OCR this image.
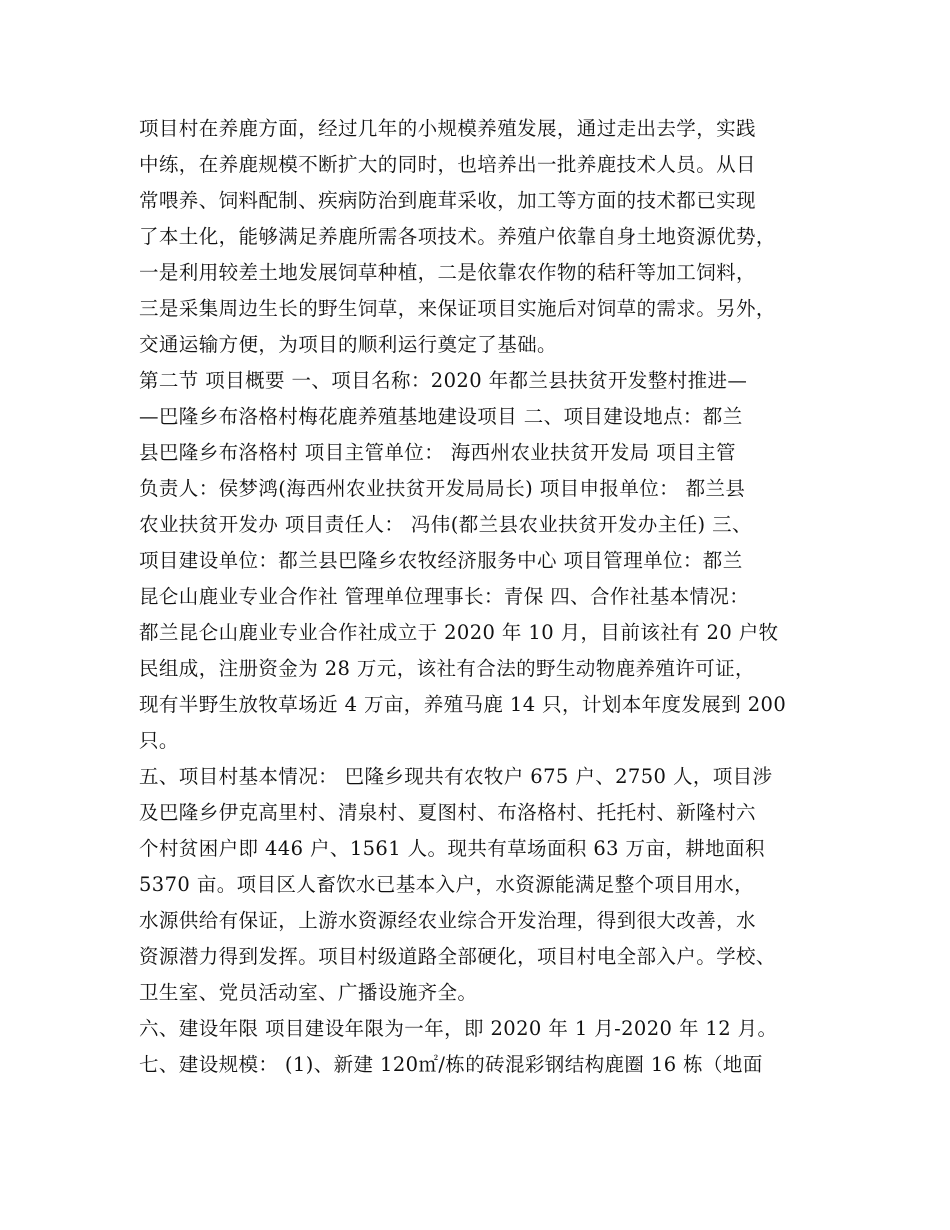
项目村在养鹿方面，经过几年的小规模养殖发展，通过走出去学，实践
中练，在养鹿规模不断扩大的同时，也培养出一批养鹿技术人员。从日
常喂养、饲料配制、疾病防治到鹿茸采收，加工等方面的技术都已实现
了本土化，能够满足养鹿所需各项技术。养殖户依靠自身土地资源优势，
一是利用较差土地发展饲草种植，二是依靠农作物的秸秆等加工饲料，
三是采集周边生长的野生饲草，来保证项目实施后对饲草的需求。另外，
交通运输方便，为项目的顺利运行奠定了基础。
第二节 项目概要 一、项目名称：2020 年都兰县扶贫开发整村推进—
—巴隆乡布洛格村梅花鹿养殖基地建设项目 二、项目建设地点：都兰
县巴隆乡布洛格村 项目主管单位： 海西州农业扶贫开发局 项目主管
负责人：侯梦鸿(海西州农业扶贫开发局局长) 项目申报单位： 都兰县
农业扶贫开发办 项目责任人： 冯伟(都兰县农业扶贫开发办主任) 三、
项目建设单位：都兰县巴隆乡农牧经济服务中心 项目管理单位：都兰
昆仑山鹿业专业合作社 管理单位理事长：青保 四、合作社基本情况：
都兰昆仑山鹿业专业合作社成立于 2020 年 10 月，目前该社有 20 户牧
民组成，注册资金为 28 万元，该社有合法的野生动物鹿养殖许可证，
现有半野生放牧草场近 4 万亩，养殖马鹿 14 只，计划本年度发展到 200
只。
五、项目村基本情况： 巴隆乡现共有农牧户 675 户、2750 人，项目涉
及巴隆乡伊克高里村、清泉村、夏图村、布洛格村、托托村、新隆村六
个村贫困户即 446 户、1561 人。现共有草场面积 63 万亩，耕地面积
5370 亩。项目区人畜饮水已基本入户，水资源能满足整个项目用水，
水源供给有保证，上游水资源经农业综合开发治理，得到很大改善，水
资源潜力得到发挥。项目村级道路全部硬化，项目村电全部入户。学校、
卫生室、党员活动室、广播设施齐全。
六、建设年限 项目建设年限为一年，即 2020 年 1 月-2020 年 12 月。
七、建设规模： (1)、新建 120㎡/栋的砖混彩钢结构鹿圈 16 栋（地面
